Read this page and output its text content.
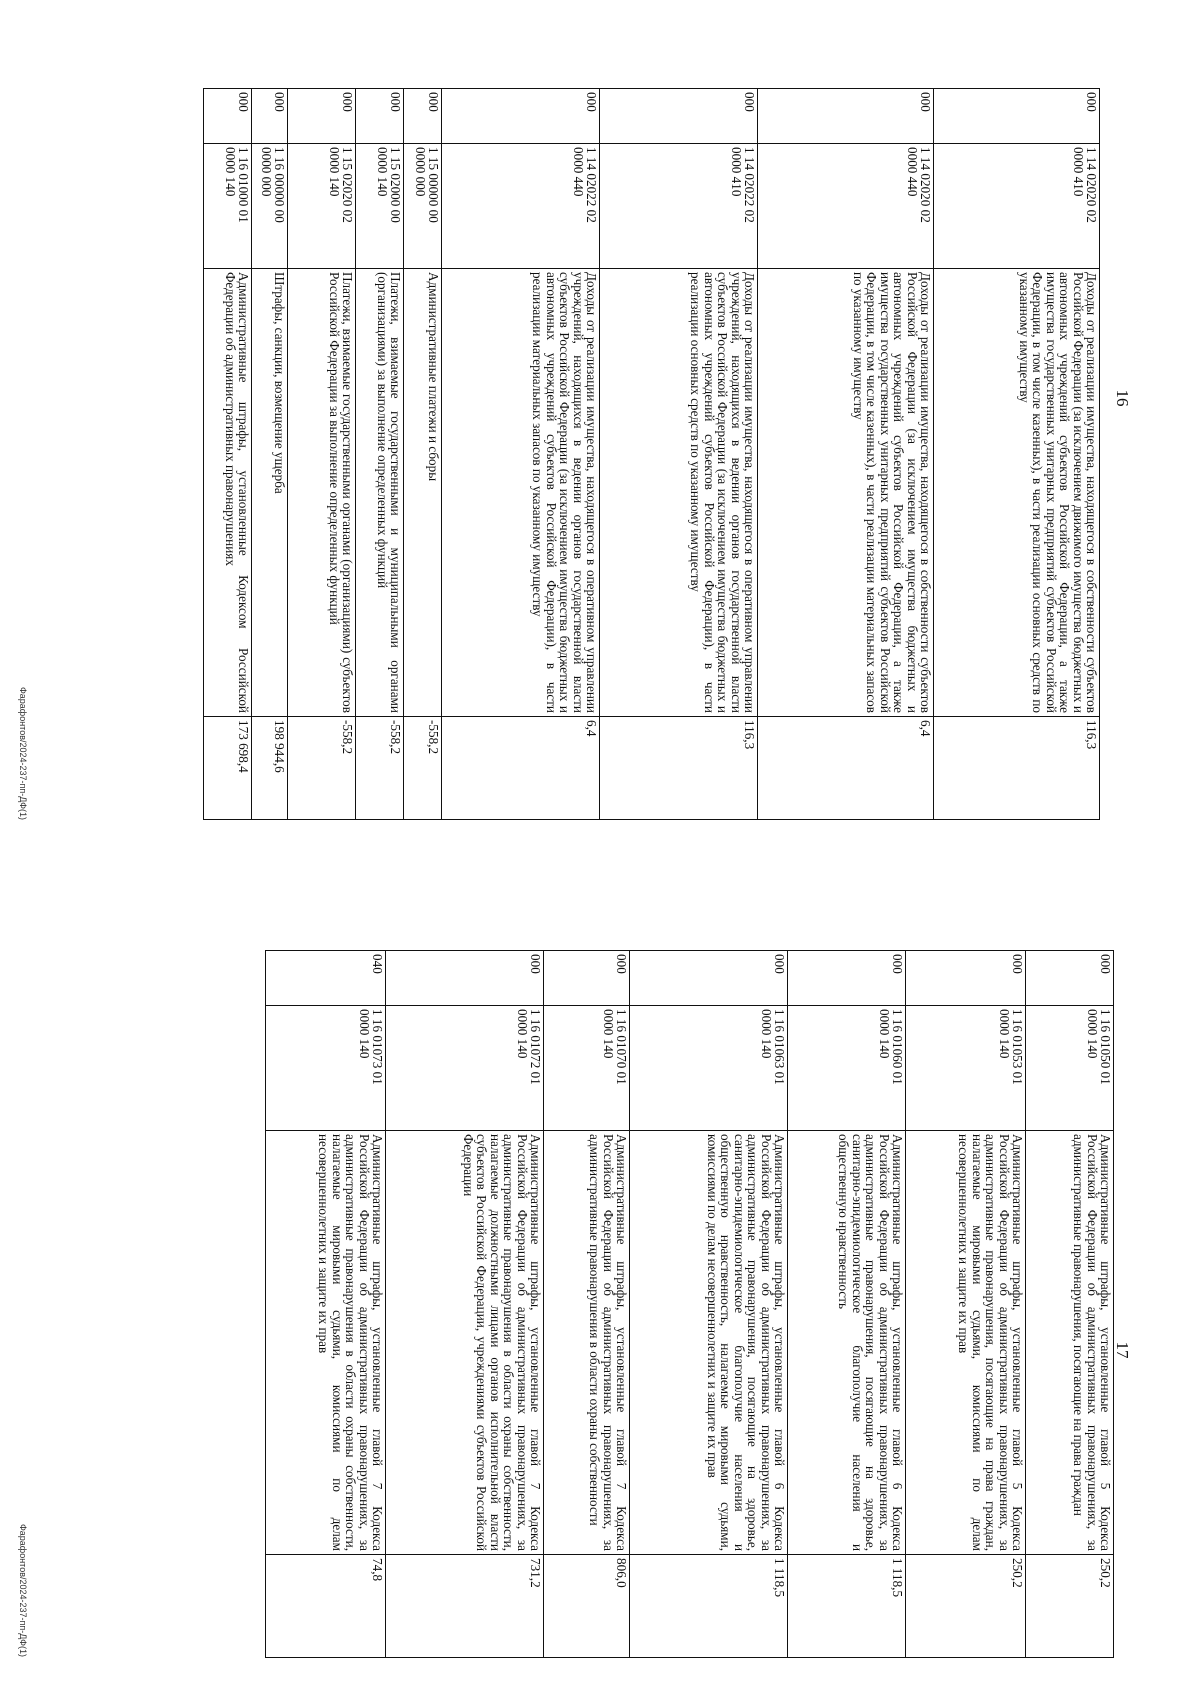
16
000	1 14 02020 02
0000 410	Доходы от реализации имущества, находящегося в собственности субъектов Российской Федерации (за исключением движимого имущества бюджетных и автономных учреждений субъектов Российской Федерации, а также имущества государственных унитарных предприятий субъектов Российской Федерации, в том числе казенных), в части реализации основных средств по указанному имуществу	116,3
000	1 14 02020 02
0000 440	Доходы от реализации имущества, находящегося в собственности субъектов Российской Федерации (за исключением имущества бюджетных и автономных учреждений субъектов Российской Федерации, а также имущества государственных унитарных предприятий субъектов Российской Федерации, в том числе казенных), в части реализации материальных запасов по указанному имуществу	6,4
000	1 14 02022 02
0000 410	Доходы от реализации имущества, находящегося в оперативном управлении учреждений, находящихся в ведении органов государственной власти субъектов Российской Федерации (за исключением имущества бюджетных и автономных учреждений субъектов Российской Федерации), в части реализации основных средств по указанному имуществу	116,3
000	1 14 02022 02
0000 440	Доходы от реализации имущества, находящегося в оперативном управлении учреждений, находящихся в ведении органов государственной власти субъектов Российской Федерации (за исключением имущества бюджетных и автономных учреждений субъектов Российской Федерации), в части реализации материальных запасов по указанному имуществу	6,4
000	1 15 00000 00
0000 000	Административные платежи и сборы	-558,2
000	1 15 02000 00
0000 140	Платежи, взимаемые государственными и муниципальными органами (организациями) за выполнение определенных функций	-558,2
000	1 15 02020 02
0000 140	Платежи, взимаемые государственными органами (организациями) субъектов Российской Федерации за выполнение определенных функций	-558,2
000	1 16 00000 00
0000 000	Штрафы, санкции, возмещение ущерба	198 944,6
000	1 16 01000 01
0000 140	Административные штрафы, установленные Кодексом Российской Федерации об административных правонарушениях	173 698,4
Фарафонтов/2024-237-пп-ДФ(1)
17
000	1 16 01050 01
0000 140	Административные штрафы, установленные главой 5 Кодекса Российской Федерации об административных правонарушениях, за административные правонарушения, посягающие на права граждан	250,2
000	1 16 01053 01
0000 140	Административные штрафы, установленные главой 5 Кодекса Российской Федерации об административных правонарушениях, за административные правонарушения, посягающие на права граждан, налагаемые мировыми судьями, комиссиями по делам несовершеннолетних и защите их прав	250,2
000	1 16 01060 01
0000 140	Административные штрафы, установленные главой 6 Кодекса Российской Федерации об административных правонарушениях, за административные правонарушения, посягающие на здоровье, санитарно-эпидемиологическое благополучие населения и общественную нравственность	1 118,5
000	1 16 01063 01
0000 140	Административные штрафы, установленные главой 6 Кодекса Российской Федерации об административных правонарушениях, за административные правонарушения, посягающие на здоровье, санитарно-эпидемиологическое благополучие населения и общественную нравственность, налагаемые мировыми судьями, комиссиями по делам несовершеннолетних и защите их прав	1 118,5
000	1 16 01070 01
0000 140	Административные штрафы, установленные главой 7 Кодекса Российской Федерации об административных правонарушениях, за административные правонарушения в области охраны собственности	806,0
000	1 16 01072 01
0000 140	Административные штрафы, установленные главой 7 Кодекса Российской Федерации об административных правонарушениях, за административные правонарушения в области охраны собственности, налагаемые должностными лицами органов исполнительной власти субъектов Российской Федерации, учреждениями субъектов Российской Федерации	731,2
040	1 16 01073 01
0000 140	Административные штрафы, установленные главой 7 Кодекса Российской Федерации об административных правонарушениях, за административные правонарушения в области охраны собственности, налагаемые мировыми судьями, комиссиями по делам несовершеннолетних и защите их прав	74,8
Фарафонтов/2024-237-пп-ДФ(1)
